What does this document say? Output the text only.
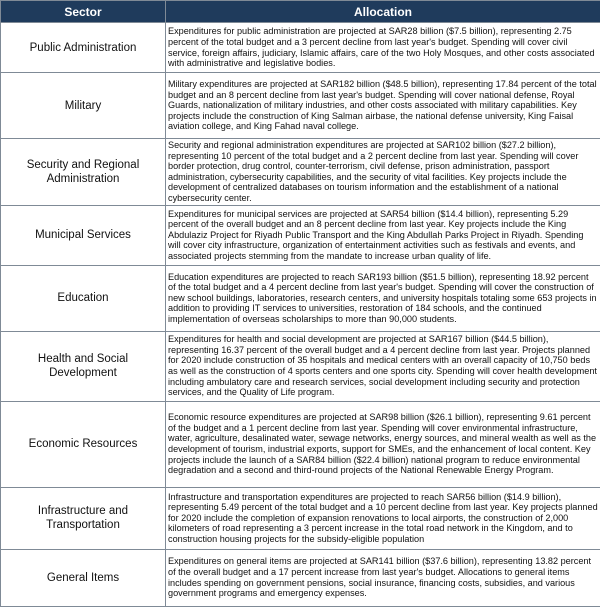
Sector	Allocation
Public Administration	Expenditures for public administration are projected at SAR28 billion ($7.5 billion), representing 2.75 percent of the total budget and a 3 percent decline from last year's budget. Spending will cover civil service, foreign affairs, judiciary, Islamic affairs, care of the two Holy Mosques, and other costs associated with administrative and legislative bodies.
Military	Military expenditures are projected at SAR182 billion ($48.5 billion), representing 17.84 percent of the total budget and an 8 percent decline from last year's budget. Spending will cover national defense, Royal Guards, nationalization of military industries, and other costs associated with military capabilities. Key projects include the construction of King Salman airbase, the national defense university, King Faisal aviation college, and King Fahad naval college.
Security and Regional Administration	Security and regional administration expenditures are projected at SAR102 billion ($27.2 billion), representing 10 percent of the total budget and a 2 percent decline from last year. Spending will cover border protection, drug control, counter-terrorism, civil defense, prison administration, passport administration, cybersecurity capabilities, and the security of vital facilities. Key projects include the development of centralized databases on tourism information and the establishment of a national cybersecurity center.
Municipal Services	Expenditures for municipal services are projected at SAR54 billion ($14.4 billion), representing 5.29 percent of the overall budget and an 8 percent decline from last year. Key projects include the King Abdulaziz Project for Riyadh Public Transport and the King Abdullah Parks Project in Riyadh. Spending will cover city infrastructure, organization of entertainment activities such as festivals and events, and associated projects stemming from the mandate to increase urban quality of life.
Education	Education expenditures are projected to reach SAR193 billion ($51.5 billion), representing 18.92 percent of the total budget and a 4 percent decline from last year's budget. Spending will cover the construction of new school buildings, laboratories, research centers, and university hospitals totaling some 653 projects in addition to providing IT services to universities, restoration of 184 schools, and the continued implementation of overseas scholarships to more than 90,000 students.
Health and Social Development	Expenditures for health and social development are projected at SAR167 billion ($44.5 billion), representing 16.37 percent of the overall budget and a 4 percent decline from last year. Projects planned for 2020 include construction of 35 hospitals and medical centers with an overall capacity of 10,750 beds as well as the construction of 4 sports centers and one sports city. Spending will cover health development including ambulatory care and research services, social development including security and protection services, and the Quality of Life program.
Economic Resources	Economic resource expenditures are projected at SAR98 billion ($26.1 billion), representing 9.61 percent of the budget and a 1 percent decline from last year. Spending will cover environmental infrastructure, water, agriculture, desalinated water, sewage networks, energy sources, and mineral wealth as well as the development of tourism, industrial exports, support for SMEs, and the enhancement of local content. Key projects include the launch of a SAR84 billion ($22.4 billion) national program to reduce environmental degradation and a second and third-round projects of the National Renewable Energy Program.
Infrastructure and Transportation	Infrastructure and transportation expenditures are projected to reach SAR56 billion ($14.9 billion), representing 5.49 percent of the total budget and a 10 percent decline from last year. Key projects planned for 2020 include the completion of expansion renovations to local airports, the construction of 2,000 kilometers of road representing a 3 percent increase in the total road network in the Kingdom, and to construction housing projects for the subsidy-eligible population
General Items	Expenditures on general items are projected at SAR141 billion ($37.6 billion), representing 13.82 percent of the overall budget and a 17 percent increase from last year's budget. Allocations to general items includes spending on government pensions, social insurance, financing costs, subsidies, and various government programs and emergency expenses.
